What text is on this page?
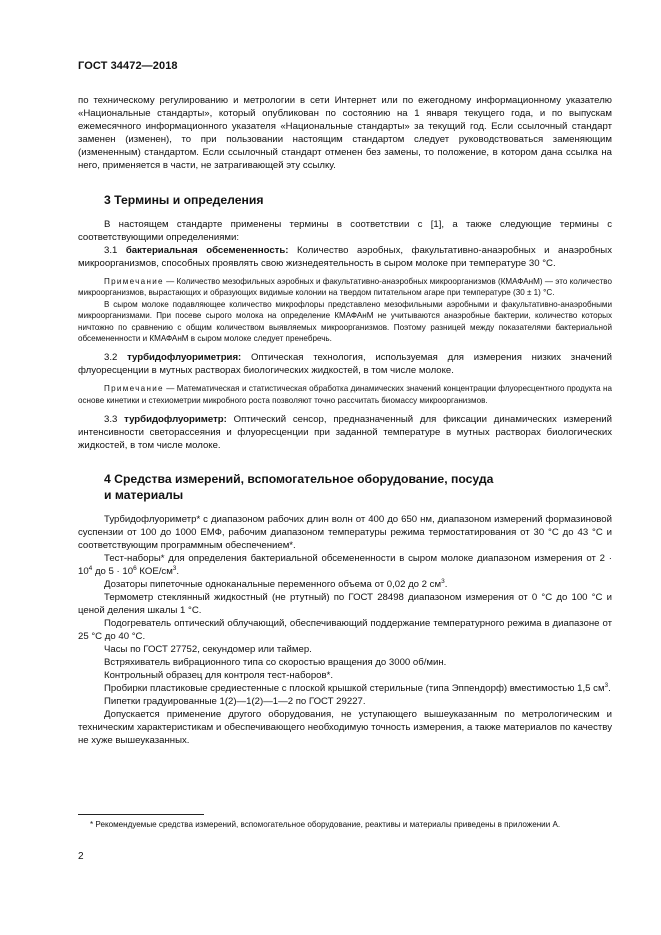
ГОСТ 34472—2018

по техническому регулированию и метрологии в сети Интернет или по ежегодному информационному указателю «Национальные стандарты», который опубликован по состоянию на 1 января текущего года, и по выпускам ежемесячного информационного указателя «Национальные стандарты» за текущий год. Если ссылочный стандарт заменен (изменен), то при пользовании настоящим стандартом следует руководствоваться заменяющим (измененным) стандартом. Если ссылочный стандарт отменен без замены, то положение, в котором дана ссылка на него, применяется в части, не затрагивающей эту ссылку.

3 Термины и определения

В настоящем стандарте применены термины в соответствии с [1], а также следующие термины с соответствующими определениями:

3.1 бактериальная обсемененность: Количество аэробных, факультативно-анаэробных и анаэробных микроорганизмов, способных проявлять свою жизнедеятельность в сыром молоке при температуре 30 °С.

Примечание — Количество мезофильных аэробных и факультативно-анаэробных микроорганизмов (КМАФАнМ) — это количество микроорганизмов, вырастающих и образующих видимые колонии на твердом питательном агаре при температуре (30 ± 1) °С.

В сыром молоке подавляющее количество микрофлоры представлено мезофильными аэробными и факультативно-анаэробными микроорганизмами. При посеве сырого молока на определение КМАФАнМ не учитываются анаэробные бактерии, количество которых ничтожно по сравнению с общим количеством выявляемых микроорганизмов. Поэтому разницей между показателями бактериальной обсемененности и КМАФАнМ в сыром молоке следует пренебречь.

3.2 турбидофлуориметрия: Оптическая технология, используемая для измерения низких значений флуоресценции в мутных растворах биологических жидкостей, в том числе молоке.

Примечание — Математическая и статистическая обработка динамических значений концентрации флуоресцентного продукта на основе кинетики и стехиометрии микробного роста позволяют точно рассчитать биомассу микроорганизмов.

3.3 турбидофлуориметр: Оптический сенсор, предназначенный для фиксации динамических измерений интенсивности светорассеяния и флуоресценции при заданной температуре в мутных растворах биологических жидкостей, в том числе молоке.

4 Средства измерений, вспомогательное оборудование, посуда
и материалы

Турбидофлуориметр* с диапазоном рабочих длин волн от 400 до 650 нм, диапазоном измерений формазиновой суспензии от 100 до 1000 ЕМФ, рабочим диапазоном температуры режима термостатирования от 30 °С до 43 °С и соответствующим программным обеспечением*.

Тест-наборы* для определения бактериальной обсемененности в сыром молоке диапазоном измерения от $2 \cdot 10^4$ до $5 \cdot 10^6$ КОЕ/$см^3$.

Дозаторы пипеточные одноканальные переменного объема от 0,02 до 2 $см^3$.

Термометр стеклянный жидкостный (не ртутный) по ГОСТ 28498 диапазоном измерения от 0 °С до 100 °С и ценой деления шкалы 1 °С.

Подогреватель оптический облучающий, обеспечивающий поддержание температурного режима в диапазоне от 25 °С до 40 °С.

Часы по ГОСТ 27752, секундомер или таймер.

Встряхиватель вибрационного типа со скоростью вращения до 3000 об/мин.

Контрольный образец для контроля тест-наборов*.

Пробирки пластиковые средиестенные с плоской крышкой стерильные (типа Эппендорф) вместимостью 1,5 $см^3$.

Пипетки градуированные 1(2)—1(2)—1—2 по ГОСТ 29227.

Допускается применение другого оборудования, не уступающего вышеуказанным по метрологическим и техническим характеристикам и обеспечивающего необходимую точность измерения, а также материалов по качеству не хуже вышеуказанных.

* Рекомендуемые средства измерений, вспомогательное оборудование, реактивы и материалы приведены в приложении А.
2
